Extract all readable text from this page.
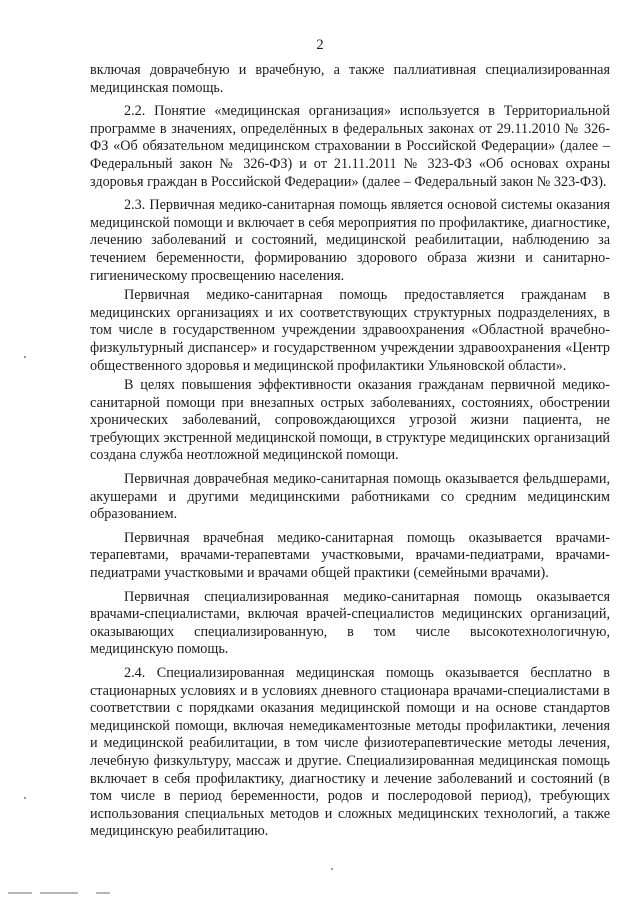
2

включая доврачебную и врачебную, а также паллиативная специализированная медицинская помощь.

2.2. Понятие «медицинская организация» используется в Территориальной программе в значениях, определённых в федеральных законах от 29.11.2010 № 326-ФЗ «Об обязательном медицинском страховании в Российской Федерации» (далее – Федеральный закон № 326-ФЗ) и от 21.11.2011 № 323-ФЗ «Об основах охраны здоровья граждан в Российской Федерации» (далее – Федеральный закон № 323-ФЗ).

2.3. Первичная медико-санитарная помощь является основой системы оказания медицинской помощи и включает в себя мероприятия по профилактике, диагностике, лечению заболеваний и состояний, медицинской реабилитации, наблюдению за течением беременности, формированию здорового образа жизни и санитарно-гигиеническому просвещению населения.

Первичная медико-санитарная помощь предоставляется гражданам в медицинских организациях и их соответствующих структурных подразделениях, в том числе в государственном учреждении здравоохранения «Областной врачебно-физкультурный диспансер» и государственном учреждении здравоохранения «Центр общественного здоровья и медицинской профилактики Ульяновской области».

В целях повышения эффективности оказания гражданам первичной медико-санитарной помощи при внезапных острых заболеваниях, состояниях, обострении хронических заболеваний, сопровождающихся угрозой жизни пациента, не требующих экстренной медицинской помощи, в структуре медицинских организаций создана служба неотложной медицинской помощи.

Первичная доврачебная медико-санитарная помощь оказывается фельдшерами, акушерами и другими медицинскими работниками со средним медицинским образованием.

Первичная врачебная медико-санитарная помощь оказывается врачами-терапевтами, врачами-терапевтами участковыми, врачами-педиатрами, врачами-педиатрами участковыми и врачами общей практики (семейными врачами).

Первичная специализированная медико-санитарная помощь оказывается врачами-специалистами, включая врачей-специалистов медицинских организаций, оказывающих специализированную, в том числе высокотехнологичную, медицинскую помощь.

2.4. Специализированная медицинская помощь оказывается бесплатно в стационарных условиях и в условиях дневного стационара врачами-специалистами в соответствии с порядками оказания медицинской помощи и на основе стандартов медицинской помощи, включая немедикаментозные методы профилактики, лечения и медицинской реабилитации, в том числе физиотерапевтические методы лечения, лечебную физкультуру, массаж и другие. Специализированная медицинская помощь включает в себя профилактику, диагностику и лечение заболеваний и состояний (в том числе в период беременности, родов и послеродовой период), требующих использования специальных методов и сложных медицинских технологий, а также медицинскую реабилитацию.
